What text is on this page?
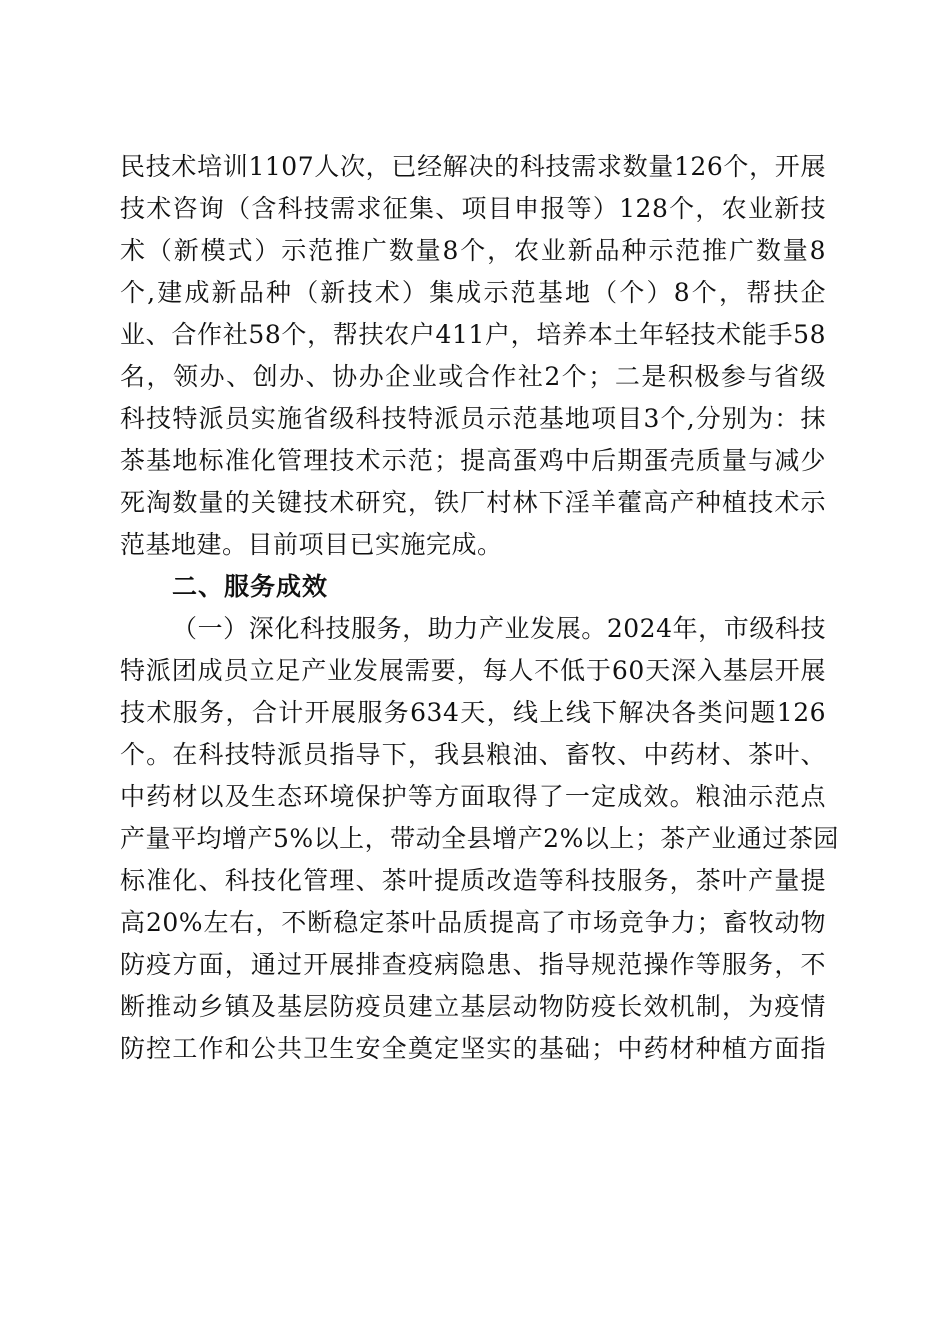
民技术培训1107人次，已经解决的科技需求数量126个，开展
技术咨询（含科技需求征集、项目申报等）128个，农业新技
术（新模式）示范推广数量8个，农业新品种示范推广数量8
个,建成新品种（新技术）集成示范基地（个）8个，帮扶企
业、合作社58个，帮扶农户411户，培养本土年轻技术能手58
名，领办、创办、协办企业或合作社2个；二是积极参与省级
科技特派员实施省级科技特派员示范基地项目3个,分别为：抹
茶基地标准化管理技术示范；提高蛋鸡中后期蛋壳质量与减少
死淘数量的关键技术研究，铁厂村林下淫羊藿高产种植技术示
范基地建。目前项目已实施完成。
二、服务成效
（一）深化科技服务，助力产业发展。2024年，市级科技
特派团成员立足产业发展需要，每人不低于60天深入基层开展
技术服务，合计开展服务634天，线上线下解决各类问题126
个。在科技特派员指导下，我县粮油、畜牧、中药材、茶叶、
中药材以及生态环境保护等方面取得了一定成效。粮油示范点
产量平均增产5%以上，带动全县增产2%以上；茶产业通过茶园
标准化、科技化管理、茶叶提质改造等科技服务，茶叶产量提
高20%左右，不断稳定茶叶品质提高了市场竞争力；畜牧动物
防疫方面，通过开展排查疫病隐患、指导规范操作等服务，不
断推动乡镇及基层防疫员建立基层动物防疫长效机制，为疫情
防控工作和公共卫生安全奠定坚实的基础；中药材种植方面指
